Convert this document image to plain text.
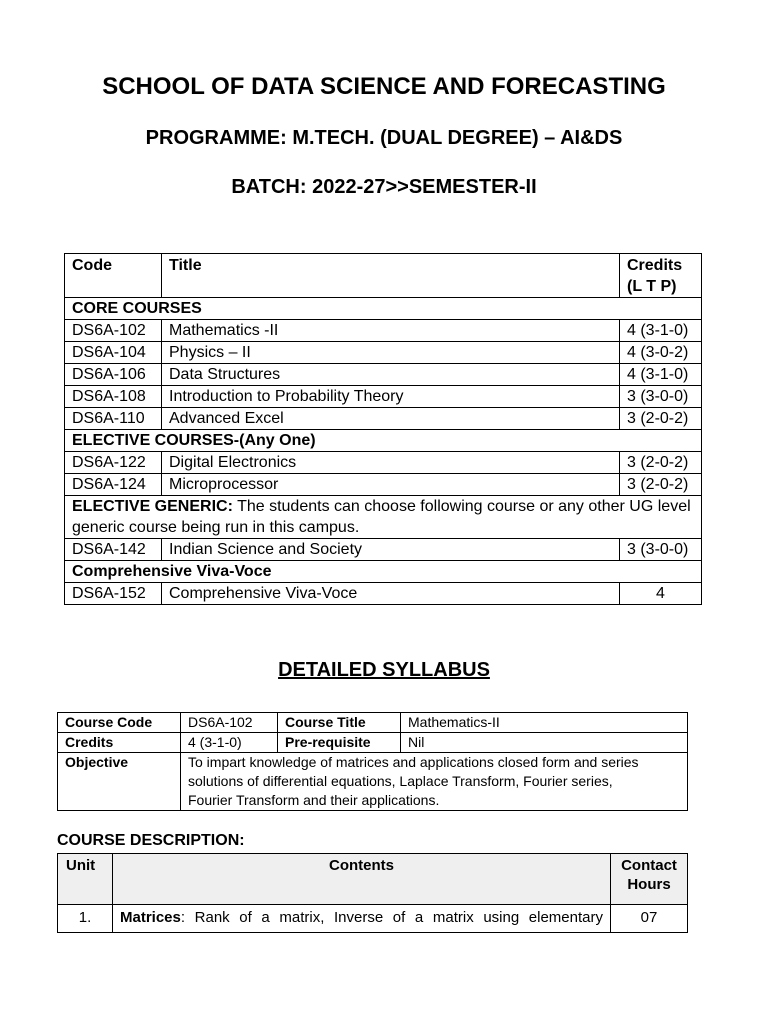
SCHOOL OF DATA SCIENCE AND FORECASTING
PROGRAMME: M.TECH. (DUAL DEGREE) – AI&DS
BATCH: 2022-27>>SEMESTER-II
Code	Title	Credits
(L T P)
CORE COURSES		
DS6A-102	Mathematics -II	4 (3-1-0)
DS6A-104	Physics – II	4 (3-0-2)
DS6A-106	Data Structures	4 (3-1-0)
DS6A-108	Introduction to Probability Theory	3 (3-0-0)
DS6A-110	Advanced Excel	3 (2-0-2)
ELECTIVE COURSES-(Any One)		
DS6A-122	Digital Electronics	3 (2-0-2)
DS6A-124	Microprocessor	3 (2-0-2)
ELECTIVE GENERIC: The students can choose following course or any other UG level generic course being run in this campus.		
DS6A-142	Indian Science and Society	3 (3-0-0)
Comprehensive Viva-Voce		
DS6A-152	Comprehensive Viva-Voce	4
DETAILED SYLLABUS
Course Code	DS6A-102	Course Title	Mathematics-II
Credits	4 (3-1-0)	Pre-requisite	Nil
Objective	To impart knowledge of matrices and applications closed form and series solutions of differential equations, Laplace Transform, Fourier series, Fourier Transform and their applications.		
COURSE DESCRIPTION:
Unit	Contents	Contact
Hours
1.	Matrices: Rank of a matrix, Inverse of a matrix using elementary	07
